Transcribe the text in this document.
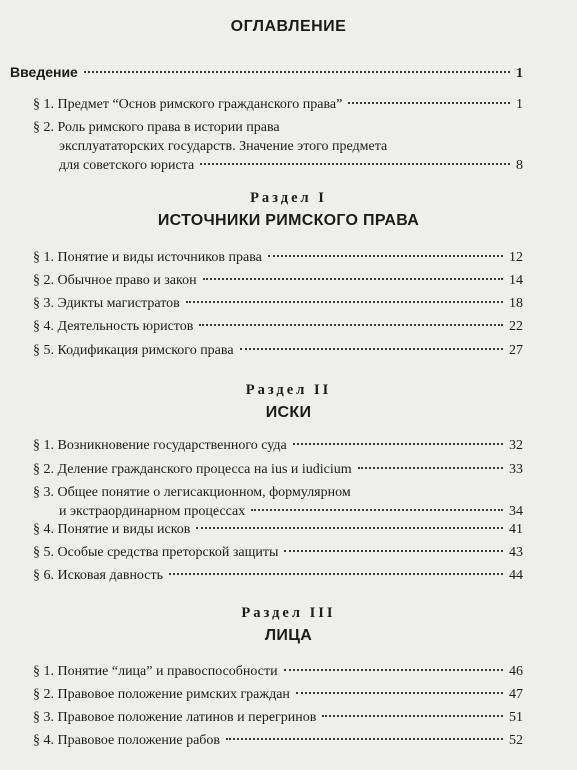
ОГЛАВЛЕНИЕ
Введение	1
§ 1. Предмет “Основ римского гражданского права”	1
§ 2. Роль римского права в истории права
эксплуататорских государств. Значение этого предмета
для советского юриста	8
Раздел I
ИСТОЧНИКИ РИМСКОГО ПРАВА
§ 1. Понятие и виды источников права	12
§ 2. Обычное право и закон	14
§ 3. Эдикты магистратов	18
§ 4. Деятельность юристов	22
§ 5. Кодификация римского права	27
Раздел II
ИСКИ
§ 1. Возникновение государственного суда	32
§ 2. Деление гражданского процесса на ius и iudicium	33
§ 3. Общее понятие о легисакционном, формулярном
и экстраординарном процессах	34
§ 4. Понятие и виды исков	41
§ 5. Особые средства преторской защиты	43
§ 6. Исковая давность	44
Раздел III
ЛИЦА
§ 1. Понятие “лица” и правоспособности	46
§ 2. Правовое положение римских граждан	47
§ 3. Правовое положение латинов и перегринов	51
§ 4. Правовое положение рабов	52
